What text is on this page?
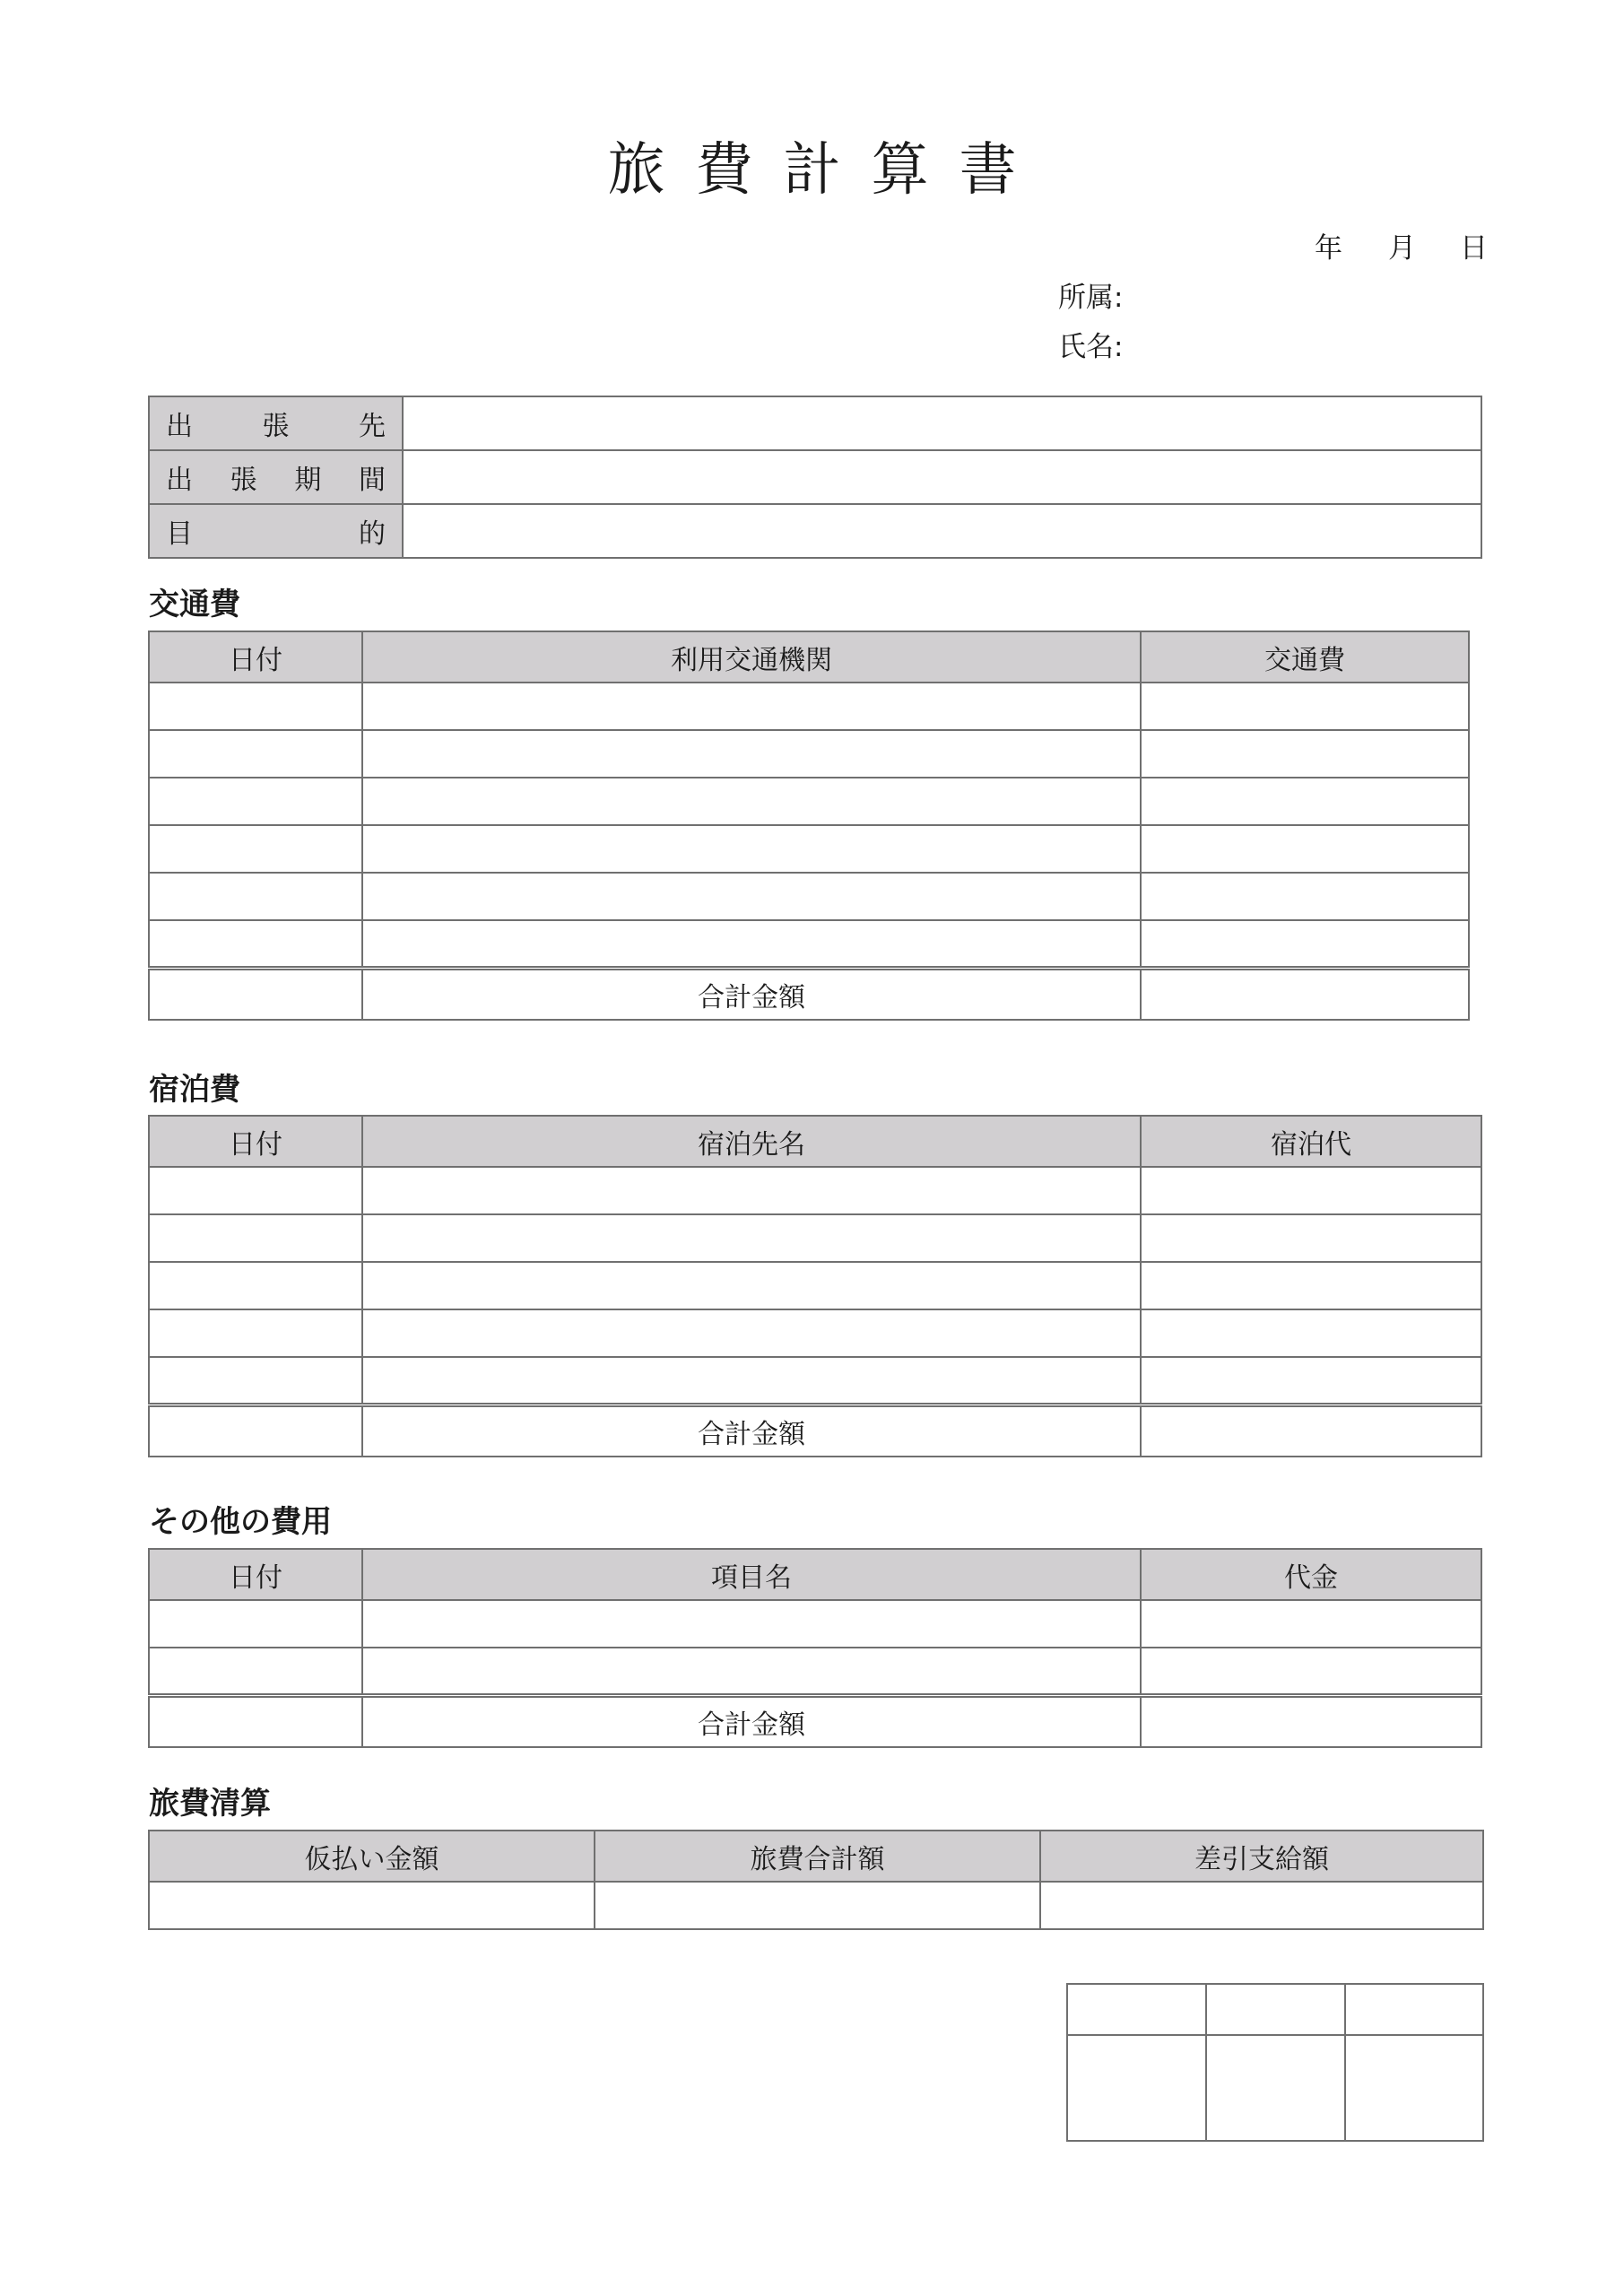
旅費計算書
年 月 日
所属:
氏名:
出 張 先	

出 張 期 間	

目 的	

交通費
日付	利用交通機関	交通費

	合計金額	
宿泊費
日付	宿泊先名	宿泊代

	合計金額	
その他の費用
日付	項目名	代金

	合計金額	
旅費清算
仮払い金額	旅費合計額	差引支給額
